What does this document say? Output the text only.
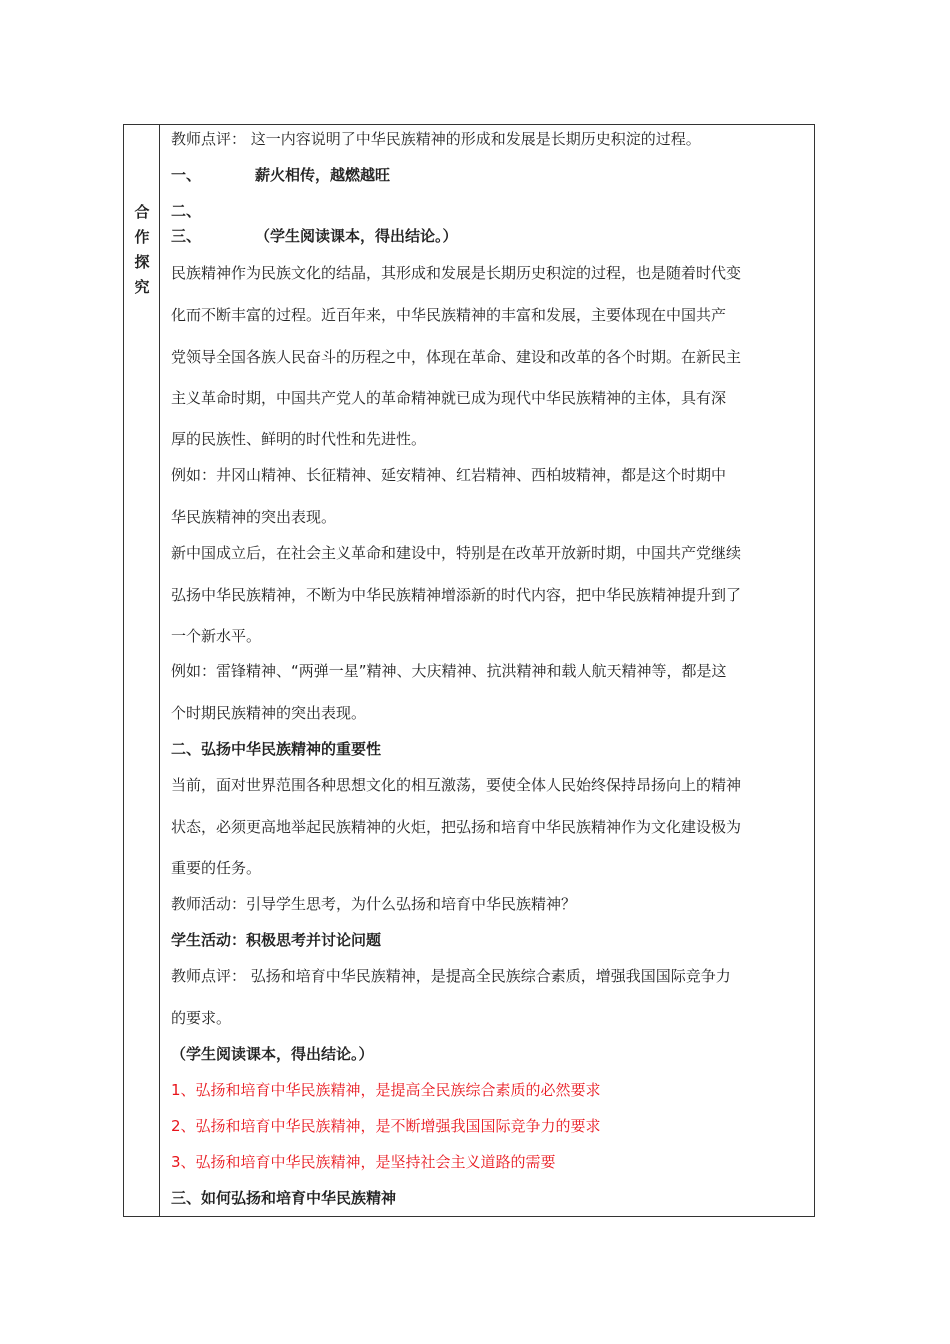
合
作
探
究
教师点评： 这一内容说明了中华民族精神的形成和发展是长期历史积淀的过程。
一、	薪火相传，越燃越旺
二、
三、	（学生阅读课本，得出结论。）
民族精神作为民族文化的结晶，其形成和发展是长期历史积淀的过程，也是随着时代变
化而不断丰富的过程。近百年来，中华民族精神的丰富和发展，主要体现在中国共产
党领导全国各族人民奋斗的历程之中，体现在革命、建设和改革的各个时期。在新民主
主义革命时期，中国共产党人的革命精神就已成为现代中华民族精神的主体，具有深
厚的民族性、鲜明的时代性和先进性。
例如：井冈山精神、长征精神、延安精神、红岩精神、西柏坡精神，都是这个时期中
华民族精神的突出表现。
新中国成立后，在社会主义革命和建设中，特别是在改革开放新时期，中国共产党继续
弘扬中华民族精神，不断为中华民族精神增添新的时代内容，把中华民族精神提升到了
一个新水平。
例如：雷锋精神、“两弹一星”精神、大庆精神、抗洪精神和载人航天精神等，都是这
个时期民族精神的突出表现。
二、弘扬中华民族精神的重要性
当前，面对世界范围各种思想文化的相互激荡，要使全体人民始终保持昂扬向上的精神
状态，必须更高地举起民族精神的火炬，把弘扬和培育中华民族精神作为文化建设极为
重要的任务。
教师活动：引导学生思考，为什么弘扬和培育中华民族精神？
学生活动：积极思考并讨论问题
教师点评： 弘扬和培育中华民族精神，是提高全民族综合素质，增强我国国际竞争力
的要求。
（学生阅读课本，得出结论。）
1、弘扬和培育中华民族精神，是提高全民族综合素质的必然要求
2、弘扬和培育中华民族精神，是不断增强我国国际竞争力的要求
3、弘扬和培育中华民族精神，是坚持社会主义道路的需要
三、如何弘扬和培育中华民族精神
